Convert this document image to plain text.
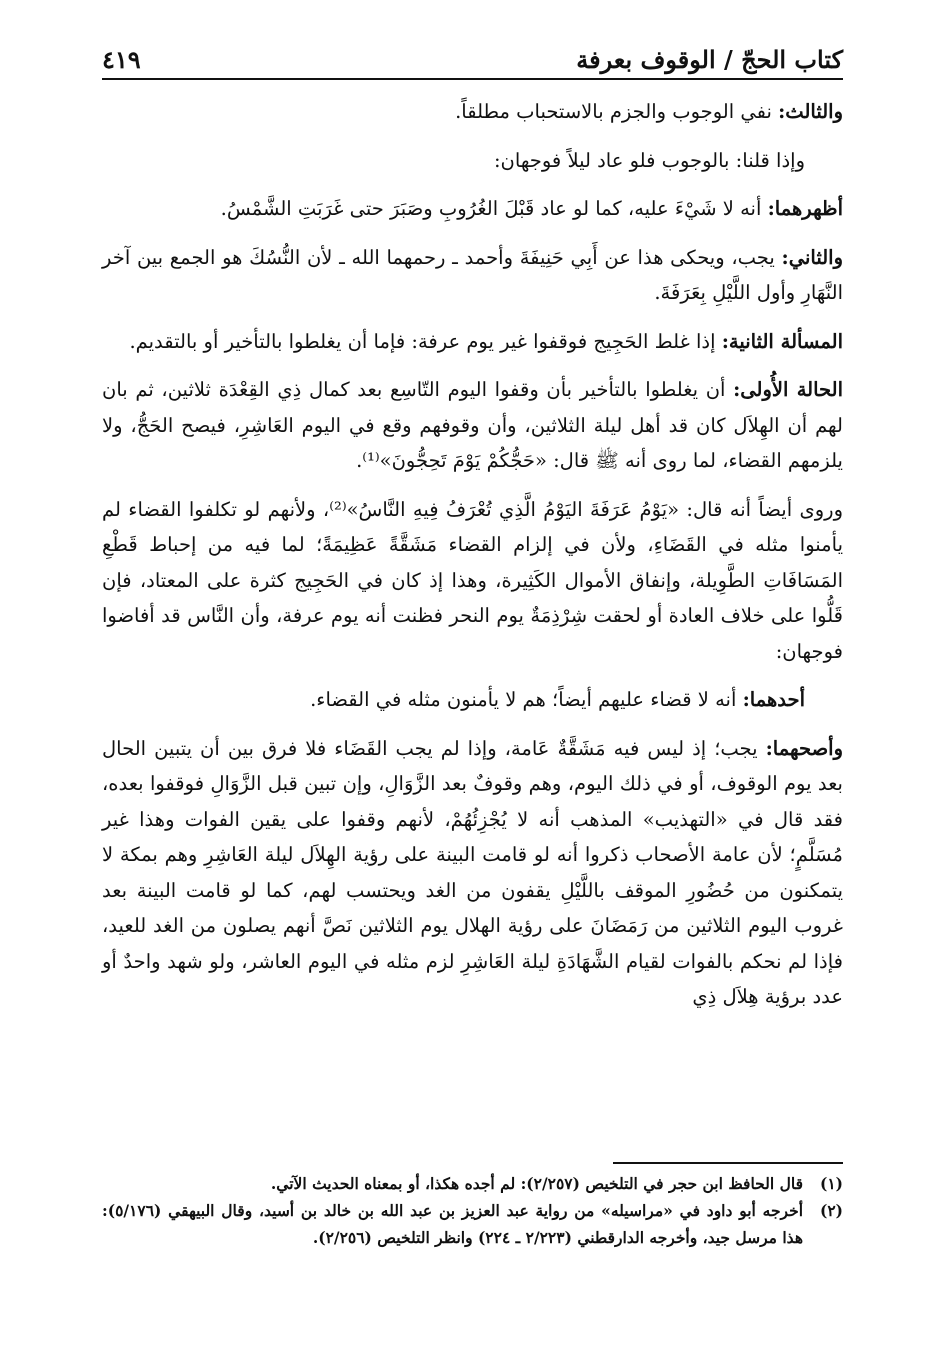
كتاب الحجّ / الوقوف بعرفة
٤١٩

والثالث: نفي الوجوب والجزم بالاستحباب مطلقاً.

وإذا قلنا: بالوجوب فلو عاد ليلاً فوجهان:

أظهرهما: أنه لا شَيْءَ عليه، كما لو عاد قَبْلَ الغُرُوبِ وصَبَرَ حتى غَرَبَتِ الشَّمْسُ.

والثاني: يجب، ويحكى هذا عن أَبِي حَنِيفَةَ وأحمد ـ رحمهما الله ـ لأن النُّسُكَ هو الجمع بين آخر النَّهَارِ وأول اللَّيْلِ بِعَرَفَةَ.

المسألة الثانية: إذا غلط الحَجِيج فوقفوا غير يوم عرفة: فإما أن يغلطوا بالتأخير أو بالتقديم.

الحالة الأُولى: أن يغلطوا بالتأخير بأن وقفوا اليوم التّاسِع بعد كمال ذِي القِعْدَة ثلاثين، ثم بان لهم أن الهِلاَل كان قد أهل ليلة الثلاثين، وأن وقوفهم وقع في اليوم العَاشِرِ، فيصح الحَجُّ، ولا يلزمهم القضاء، لما روى أنه ﷺ قال: «حَجُّكُمْ يَوْمَ تَحِجُّونَ»⁽¹⁾.

وروى أيضاً أنه قال: «يَوْمُ عَرَفَةَ اليَوْمُ الَّذِي تُعْرَفُ فِيهِ النَّاسُ»⁽²⁾، ولأنهم لو تكلفوا القضاء لم يأمنوا مثله في القَضَاءِ، ولأن في إلزام القضاء مَشَقَّةً عَظِيمَةً؛ لما فيه من إحباط قَطْعِ المَسَافَاتِ الطَّوِيلة، وإنفاق الأموال الكَثِيرة، وهذا إذ كان في الحَجِيج كثرة على المعتاد، فإن قَلُّوا على خلاف العادة أو لحقت شِرْذِمَةٌ يوم النحر فظنت أنه يوم عرفة، وأن النَّاس قد أفاضوا فوجهان:

أحدهما: أنه لا قضاء عليهم أيضاً؛ هم لا يأمنون مثله في القضاء.

وأصحهما: يجب؛ إذ ليس فيه مَشَقَّةٌ عَامة، وإذا لم يجب القَضَاء فلا فرق بين أن يتبين الحال بعد يوم الوقوف، أو في ذلك اليوم، وهم وقوفٌ بعد الزَّوَالِ، وإن تبين قبل الزَّوَالِ فوقفوا بعده، فقد قال في «التهذيب» المذهب أنه لا يُجْزِئُهُمْ، لأنهم وقفوا على يقين الفوات وهذا غير مُسَلَّمٍ؛ لأن عامة الأصحاب ذكروا أنه لو قامت البينة على رؤية الهِلاَل ليلة العَاشِرِ وهم بمكة لا يتمكنون من حُضُورِ الموقف باللَّيْلِ يقفون من الغد ويحتسب لهم، كما لو قامت البينة بعد غروب اليوم الثلاثين من رَمَضَانَ على رؤية الهلال يوم الثلاثين نَصَّ أنهم يصلون من الغد للعيد، فإذا لم نحكم بالفوات لقيام الشَّهَادَةِ ليلة العَاشِرِ لزم مثله في اليوم العاشر، ولو شهد واحدٌ أو عدد برؤية هِلاَل ذِي

(١)
قال الحافظ ابن حجر في التلخيص (٢/٢٥٧): لم أجده هكذا، أو بمعناه الحديث الآتي.
(٢)
أخرجه أبو داود في «مراسيله» من رواية عبد العزيز بن عبد الله بن خالد بن أسيد، وقال البيهقي (٥/١٧٦): هذا مرسل جيد، وأخرجه الدارقطني (٢/٢٢٣ ـ ٢٢٤) وانظر التلخيص (٢/٢٥٦).
